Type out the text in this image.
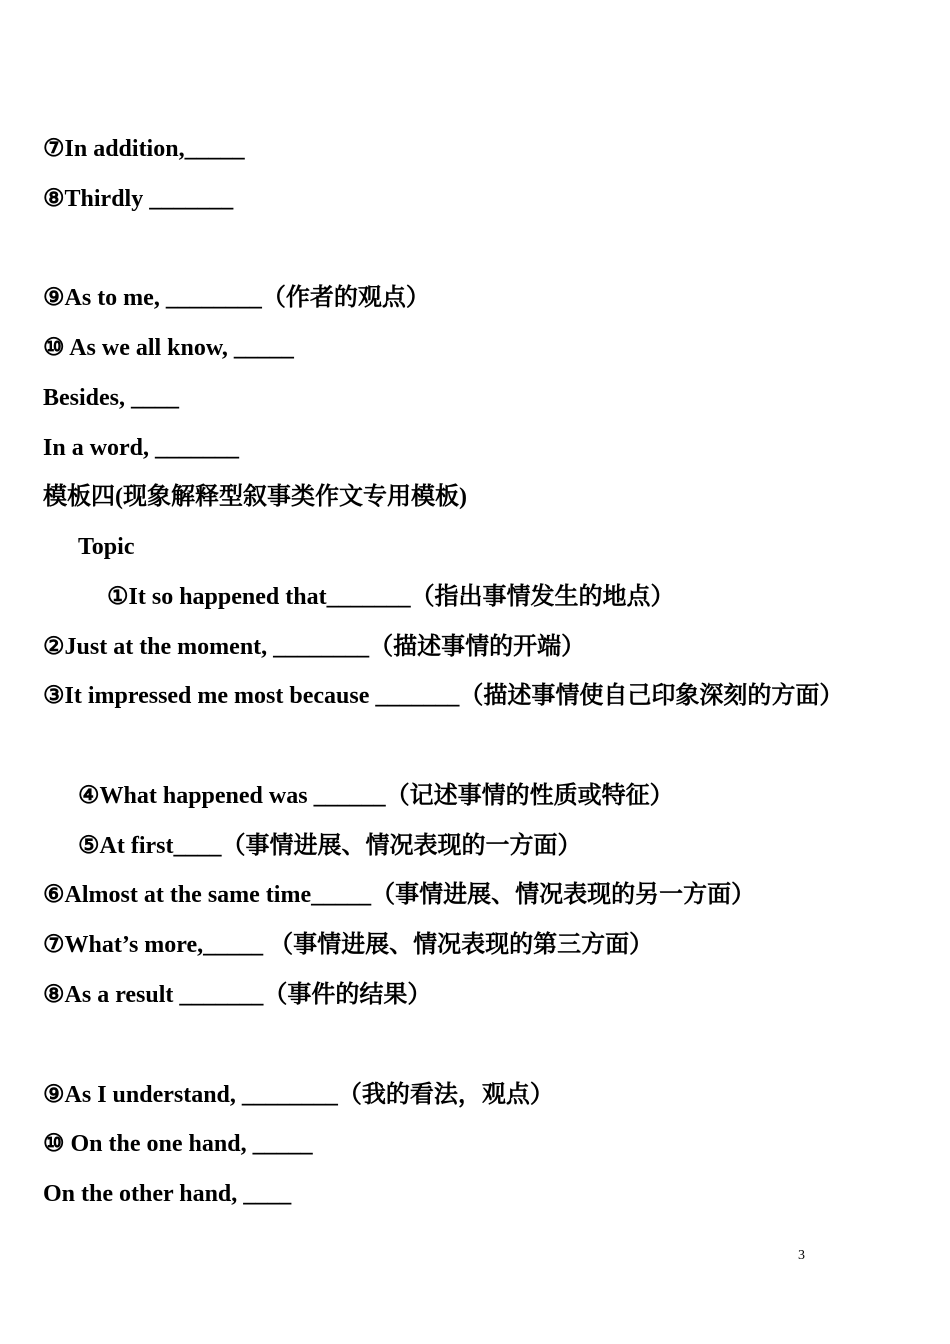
⑦In addition,_____
⑧Thirdly _______
⑨As to me, ________（作者的观点）
⑩ As we all know, _____
Besides, ____
In a word, _______
模板四(现象解释型叙事类作文专用模板)
Topic
①It so happened that_______（指出事情发生的地点）
②Just at the moment, ________（描述事情的开端）
③It impressed me most because _______（描述事情使自己印象深刻的方面）
④What happened was ______（记述事情的性质或特征）
⑤At first____（事情进展、情况表现的一方面）
⑥Almost at the same time_____（事情进展、情况表现的另一方面）
⑦What’s more,_____ （事情进展、情况表现的第三方面）
⑧As a result _______（事件的结果）
⑨As I understand, ________（我的看法，观点）
⑩ On the one hand, _____
On the other hand, ____
3
